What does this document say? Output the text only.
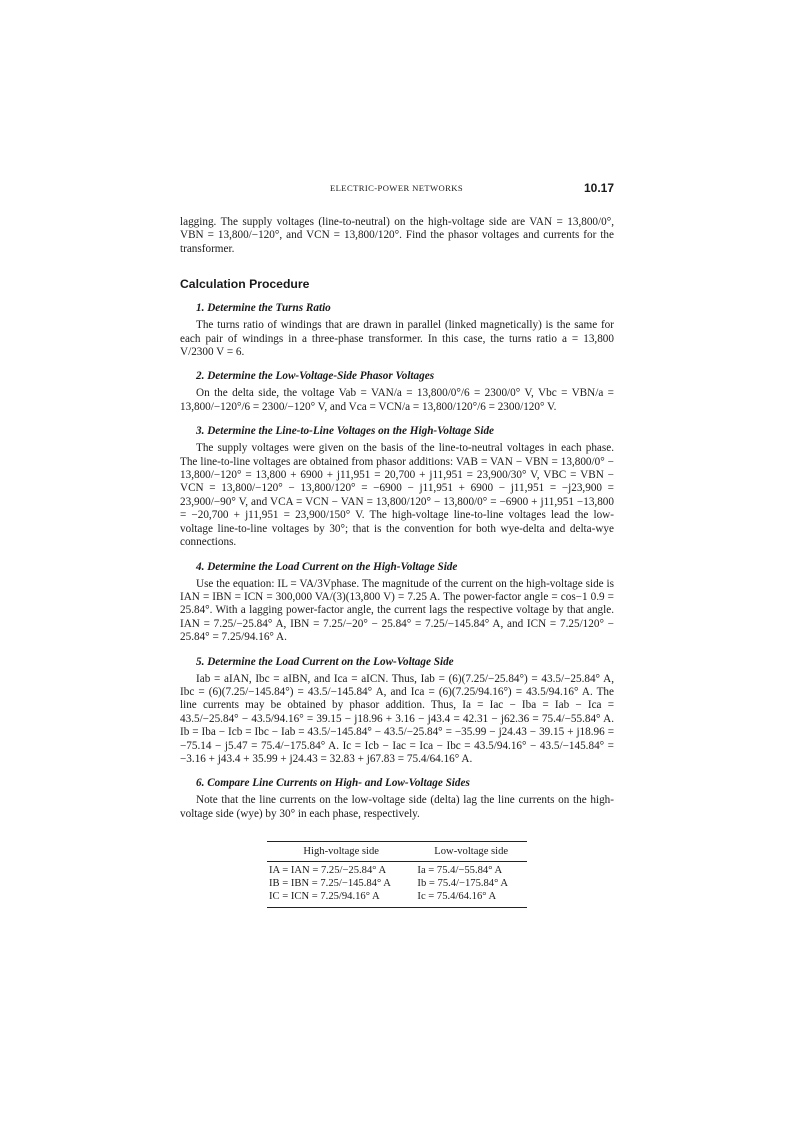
ELECTRIC-POWER NETWORKS	10.17

lagging. The supply voltages (line-to-neutral) on the high-voltage side are VAN = 13,800/0°, VBN = 13,800/−120°, and VCN = 13,800/120°. Find the phasor voltages and currents for the transformer.

Calculation Procedure
1. Determine the Turns Ratio

The turns ratio of windings that are drawn in parallel (linked magnetically) is the same for each pair of windings in a three-phase transformer. In this case, the turns ratio a = 13,800 V/2300 V = 6.

2. Determine the Low-Voltage-Side Phasor Voltages

On the delta side, the voltage Vab = VAN/a = 13,800/0°/6 = 2300/0° V, Vbc = VBN/a = 13,800/−120°/6 = 2300/−120° V, and Vca = VCN/a = 13,800/120°/6 = 2300/120° V.

3. Determine the Line-to-Line Voltages on the High-Voltage Side

The supply voltages were given on the basis of the line-to-neutral voltages in each phase. The line-to-line voltages are obtained from phasor additions: VAB = VAN − VBN = 13,800/0° − 13,800/−120° = 13,800 + 6900 + j11,951 = 20,700 + j11,951 = 23,900/30° V, VBC = VBN − VCN = 13,800/−120° − 13,800/120° = −6900 − j11,951 + 6900 − j11,951 = −j23,900 = 23,900/−90° V, and VCA = VCN − VAN = 13,800/120° − 13,800/0° = −6900 + j11,951 −13,800 = −20,700 + j11,951 = 23,900/150° V. The high-voltage line-to-line voltages lead the low-voltage line-to-line voltages by 30°; that is the convention for both wye-delta and delta-wye connections.

4. Determine the Load Current on the High-Voltage Side

Use the equation: IL = VA/3Vphase. The magnitude of the current on the high-voltage side is IAN = IBN = ICN = 300,000 VA/(3)(13,800 V) = 7.25 A. The power-factor angle = cos−1 0.9 = 25.84°. With a lagging power-factor angle, the current lags the respective voltage by that angle. IAN = 7.25/−25.84° A, IBN = 7.25/−20° − 25.84° = 7.25/−145.84° A, and ICN = 7.25/120° − 25.84° = 7.25/94.16° A.

5. Determine the Load Current on the Low-Voltage Side

Iab = aIAN, Ibc = aIBN, and Ica = aICN. Thus, Iab = (6)(7.25/−25.84°) = 43.5/−25.84° A, Ibc = (6)(7.25/−145.84°) = 43.5/−145.84° A, and Ica = (6)(7.25/94.16°) = 43.5/94.16° A. The line currents may be obtained by phasor addition. Thus, Ia = Iac − Iba = Iab − Ica = 43.5/−25.84° − 43.5/94.16° = 39.15 − j18.96 + 3.16 − j43.4 = 42.31 − j62.36 = 75.4/−55.84° A. Ib = Iba − Icb = Ibc − Iab = 43.5/−145.84° − 43.5/−25.84° = −35.99 − j24.43 − 39.15 + j18.96 = −75.14 − j5.47 = 75.4/−175.84° A. Ic = Icb − Iac = Ica − Ibc = 43.5/94.16° − 43.5/−145.84° = −3.16 + j43.4 + 35.99 + j24.43 = 32.83 + j67.83 = 75.4/64.16° A.

6. Compare Line Currents on High- and Low-Voltage Sides

Note that the line currents on the low-voltage side (delta) lag the line currents on the high-voltage side (wye) by 30° in each phase, respectively.

High-voltage side	Low-voltage side
IA = IAN = 7.25/−25.84° A	Ia = 75.4/−55.84° A
IB = IBN = 7.25/−145.84° A	Ib = 75.4/−175.84° A
IC = ICN = 7.25/94.16° A	Ic = 75.4/64.16° A
